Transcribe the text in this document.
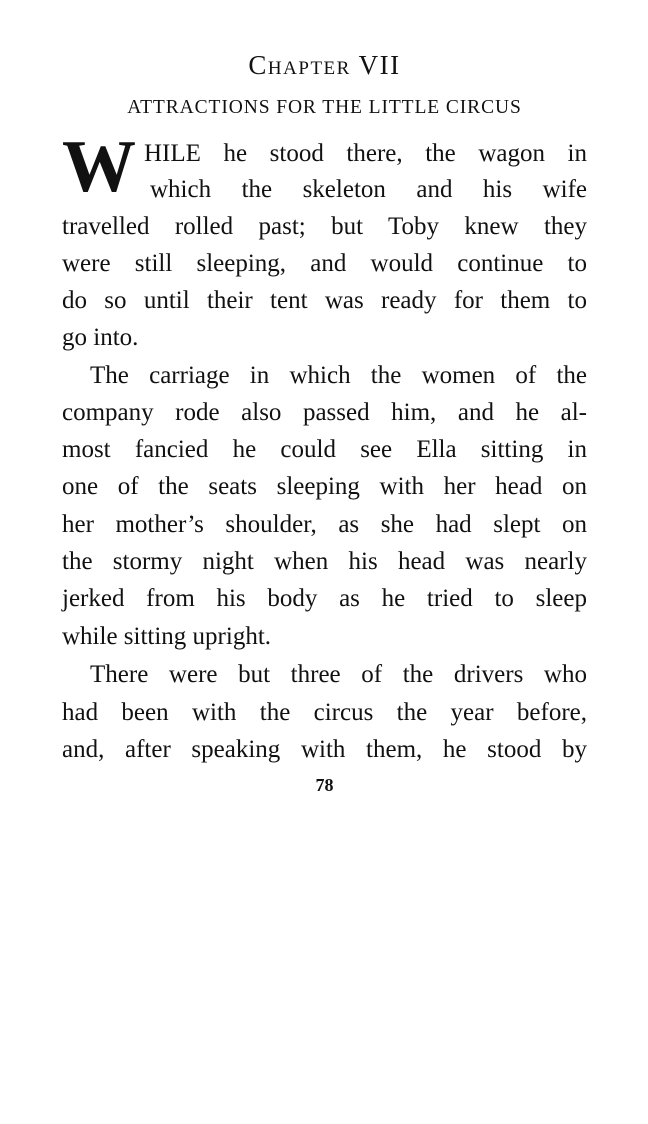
Chapter VII
ATTRACTIONS FOR THE LITTLE CIRCUS
W HILE he stood there, the wagon in
which the skeleton and his wife
travelled rolled past; but Toby knew they
were still sleeping, and would continue to
do so until their tent was ready for them to
go into.
The carriage in which the women of the
company rode also passed him, and he al-
most fancied he could see Ella sitting in
one of the seats sleeping with her head on
her mother’s shoulder, as she had slept on
the stormy night when his head was nearly
jerked from his body as he tried to sleep
while sitting upright.
There were but three of the drivers who
had been with the circus the year before,
and, after speaking with them, he stood by
78
